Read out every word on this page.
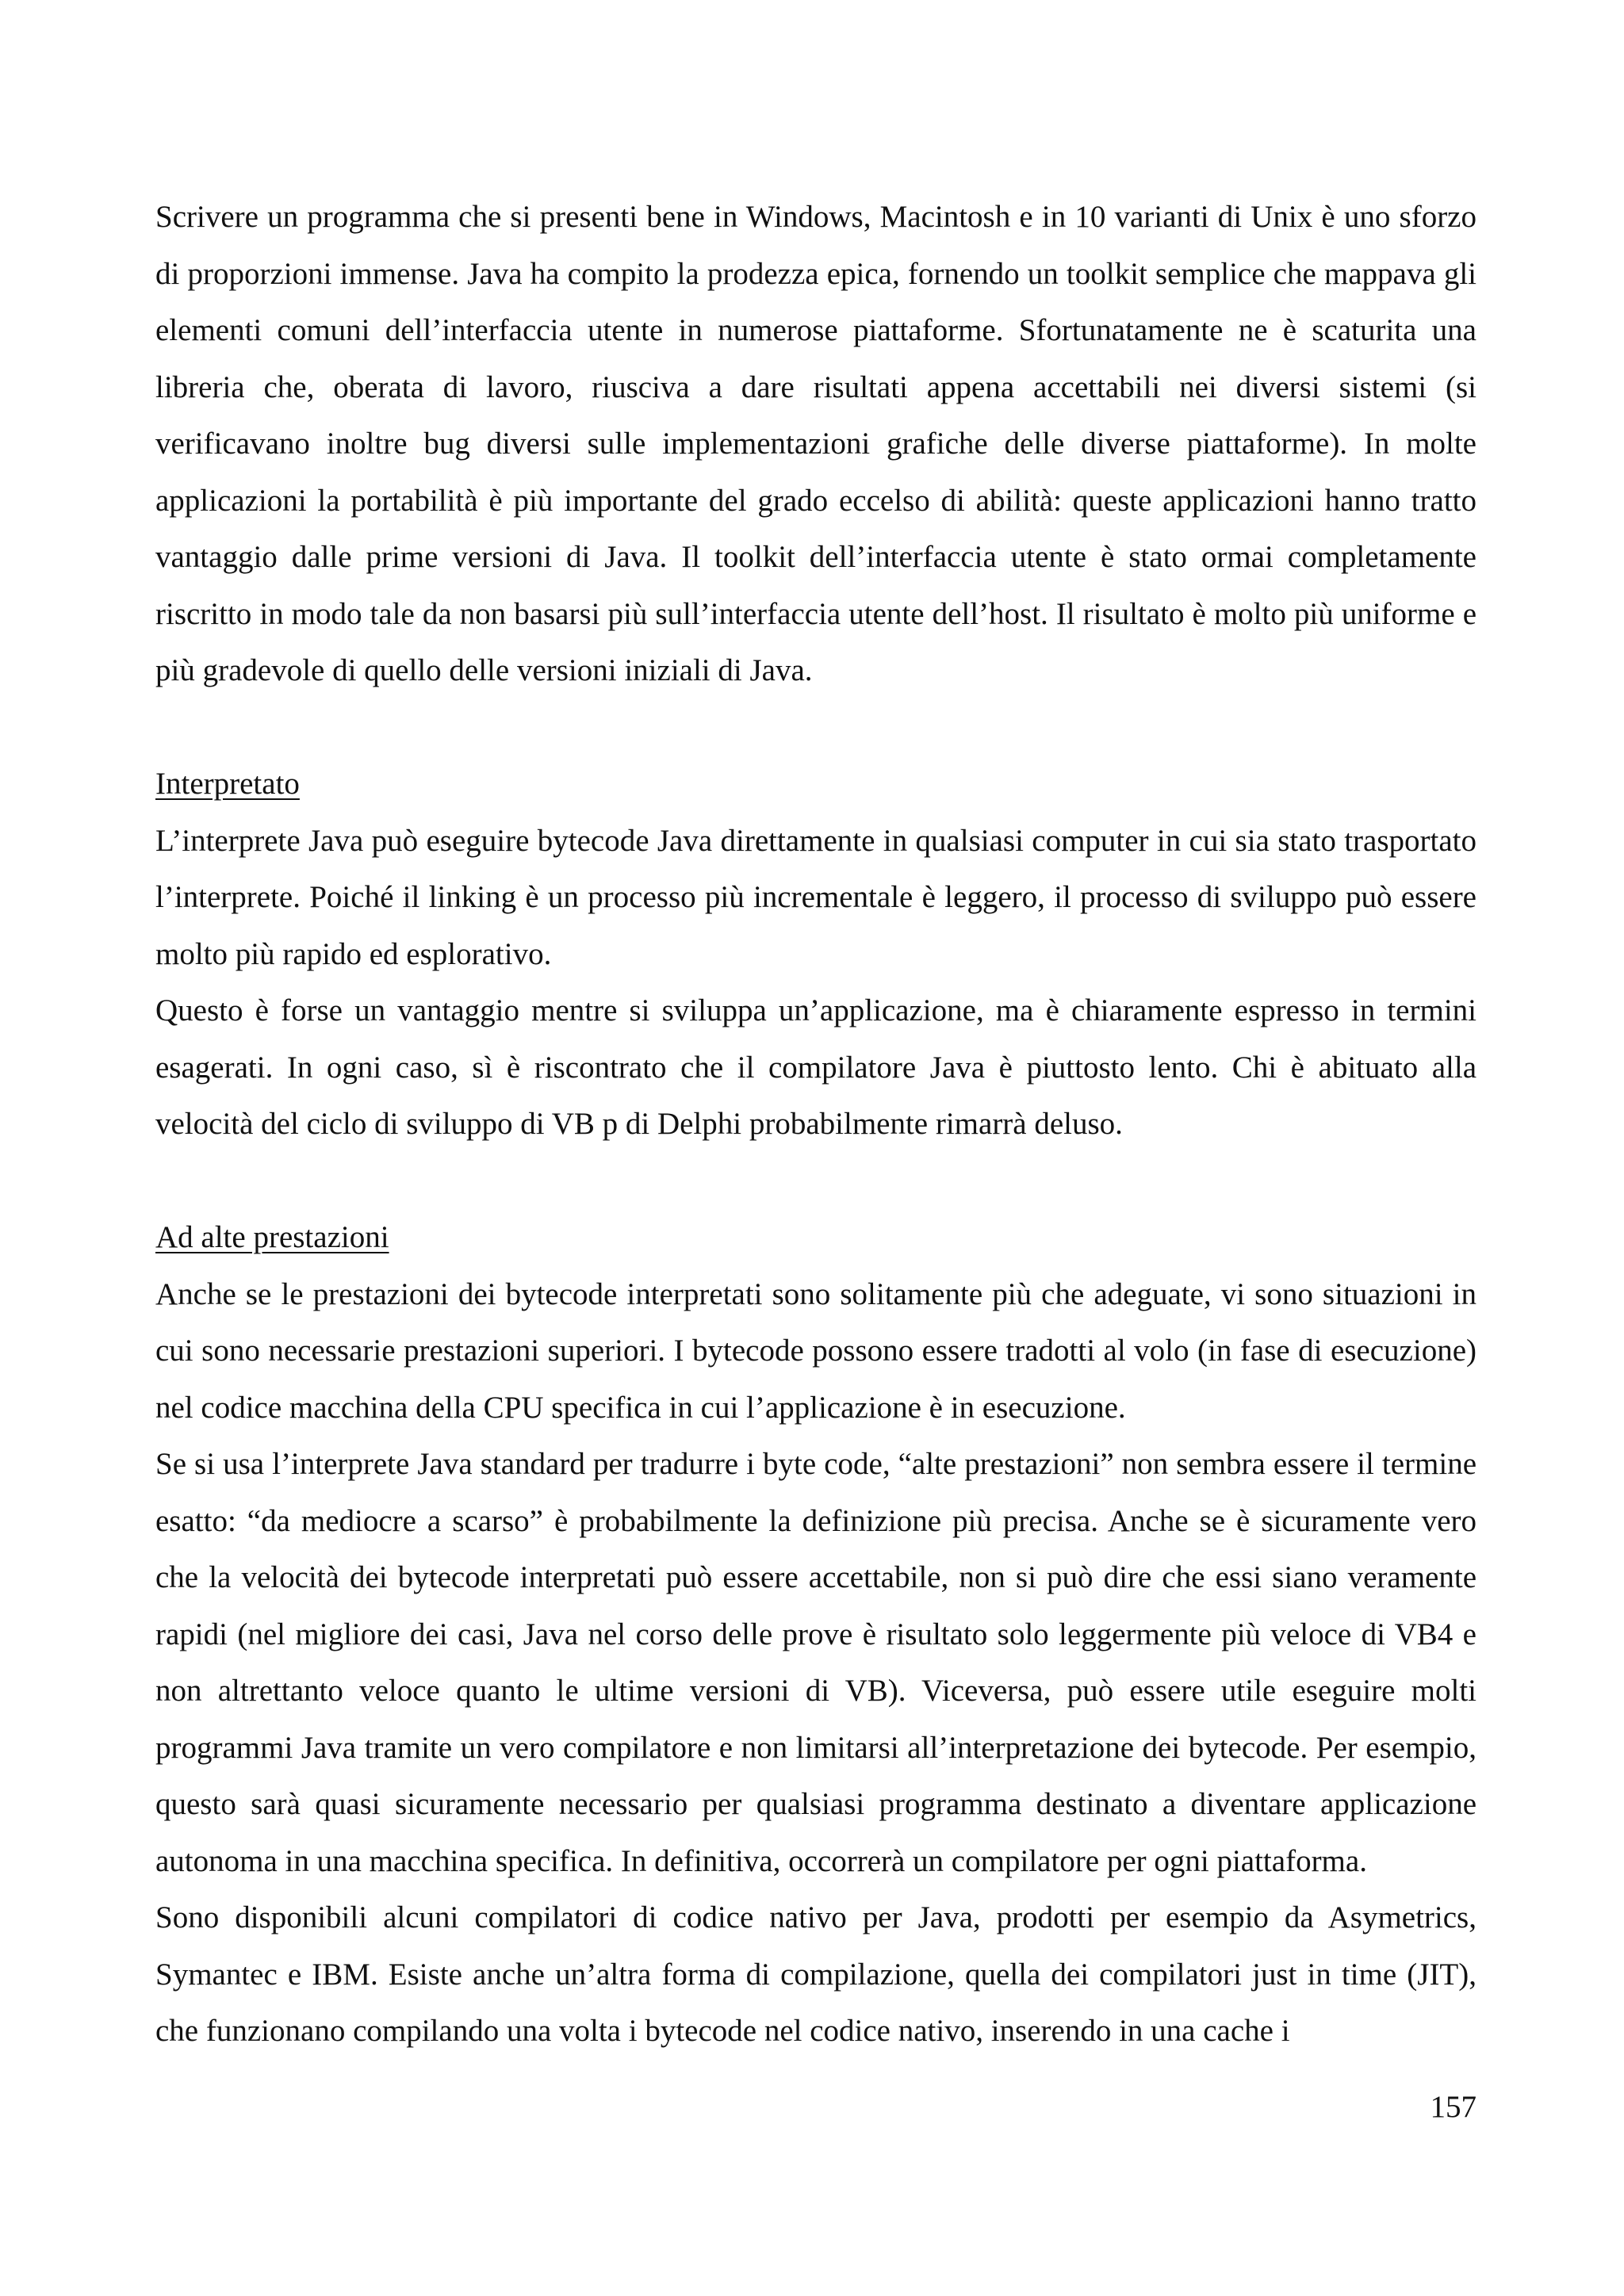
Scrivere un programma che si presenti bene in Windows, Macintosh e in 10 varianti di Unix è uno sforzo di proporzioni immense. Java ha compito la prodezza epica, fornendo un toolkit semplice che mappava gli elementi comuni dell’interfaccia utente in numerose piattaforme. Sfortunatamente ne è scaturita una libreria che, oberata di lavoro, riusciva a dare risultati appena accettabili nei diversi sistemi (si verificavano inoltre bug diversi sulle implementazioni grafiche delle diverse piattaforme). In molte applicazioni la portabilità è più importante del grado eccelso di abilità: queste applicazioni hanno tratto vantaggio dalle prime versioni di Java. Il toolkit dell’interfaccia utente è stato ormai completamente riscritto in modo tale da non basarsi più sull’interfaccia utente dell’host. Il risultato è molto più uniforme e più gradevole di quello delle versioni iniziali di Java.

Interpretato

L’interprete Java può eseguire bytecode Java direttamente in qualsiasi computer in cui sia stato trasportato l’interprete. Poiché il linking è un processo più incrementale è leggero, il processo di sviluppo può essere molto più rapido ed esplorativo.

Questo è forse un vantaggio mentre si sviluppa un’applicazione, ma è chiaramente espresso in termini esagerati. In ogni caso, sì è riscontrato che il compilatore Java è piuttosto lento. Chi è abituato alla velocità del ciclo di sviluppo di VB p di Delphi probabilmente rimarrà deluso.

Ad alte prestazioni

Anche se le prestazioni dei bytecode interpretati sono solitamente più che adeguate, vi sono situazioni in cui sono necessarie prestazioni superiori. I bytecode possono essere tradotti al volo (in fase di esecuzione) nel codice macchina della CPU specifica in cui l’applicazione è in esecuzione.

Se si usa l’interprete Java standard per tradurre i byte code, “alte prestazioni” non sembra essere il termine esatto: “da mediocre a scarso” è probabilmente la definizione più precisa. Anche se è sicuramente vero che la velocità dei bytecode interpretati può essere accettabile, non si può dire che essi siano veramente rapidi (nel migliore dei casi, Java nel corso delle prove è risultato solo leggermente più veloce di VB4 e non altrettanto veloce quanto le ultime versioni di VB). Viceversa, può essere utile eseguire molti programmi Java tramite un vero compilatore e non limitarsi all’interpretazione dei bytecode. Per esempio, questo sarà quasi sicuramente necessario per qualsiasi programma destinato a diventare applicazione autonoma in una macchina specifica. In definitiva, occorrerà un compilatore per ogni piattaforma.

Sono disponibili alcuni compilatori di codice nativo per Java, prodotti per esempio da Asymetrics, Symantec e IBM. Esiste anche un’altra forma di compilazione, quella dei compilatori just in time (JIT), che funzionano compilando una volta i bytecode nel codice nativo, inserendo in una cache i

157
